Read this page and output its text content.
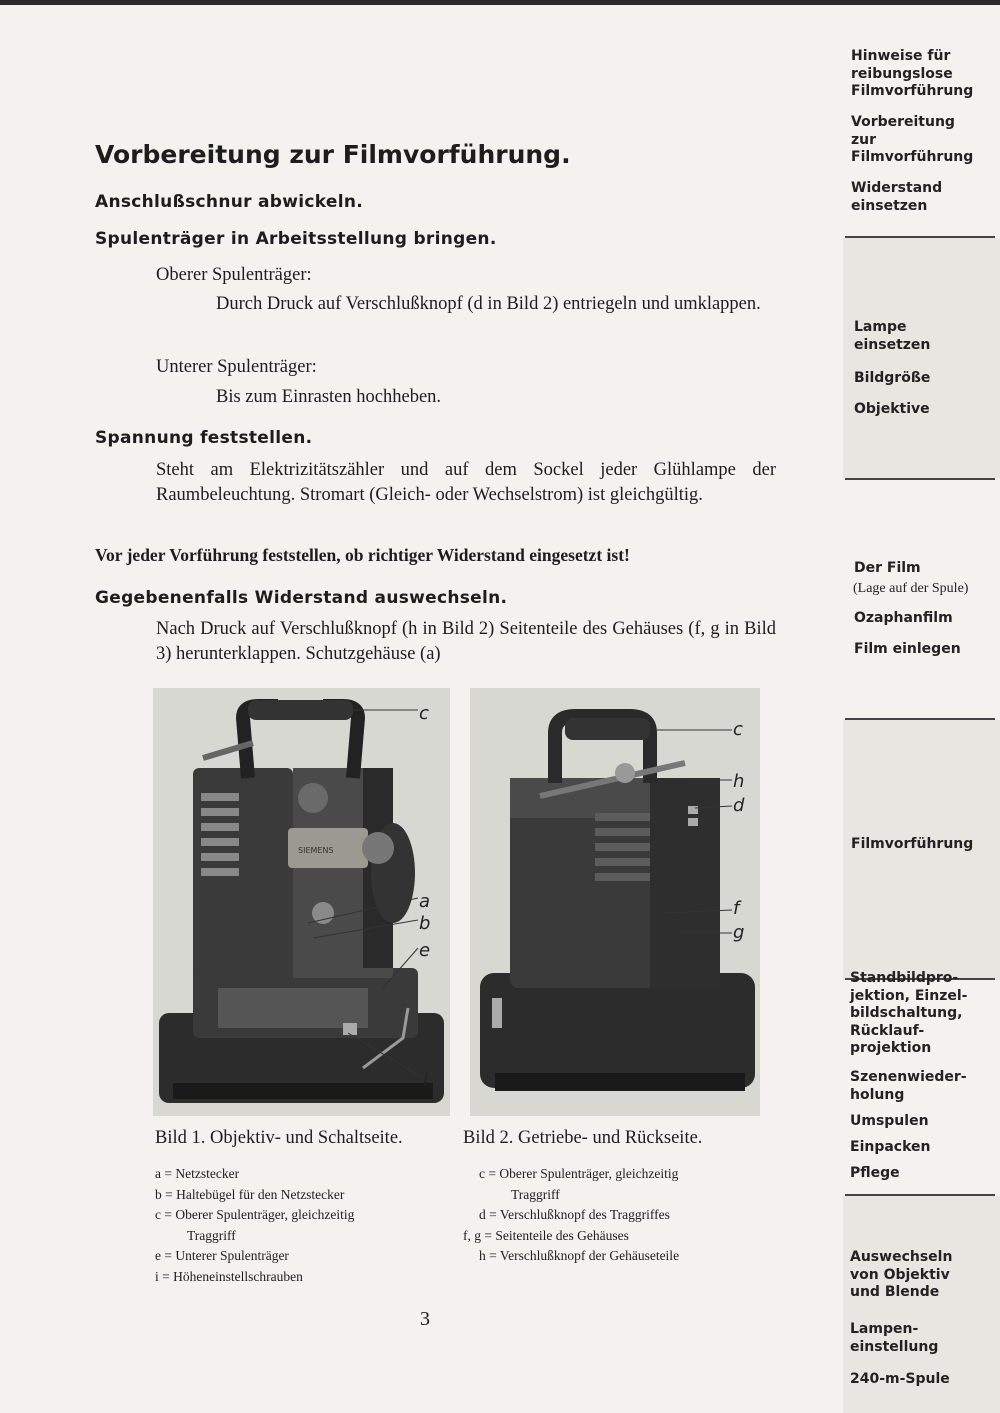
Vorbereitung zur Filmvorführung.
Anschlußschnur abwickeln.
Spulenträger in Arbeitsstellung bringen.
Oberer Spulenträger:
Durch Druck auf Verschlußknopf (d in Bild 2) entriegeln und umklappen.
Unterer Spulenträger:
Bis zum Einrasten hochheben.
Spannung feststellen.
Steht am Elektrizitätszähler und auf dem Sockel jeder Glühlampe der Raumbeleuchtung. Stromart (Gleich- oder Wechselstrom) ist gleichgültig.
Vor jeder Vorführung feststellen, ob richtiger Widerstand eingesetzt ist!
Gegebenenfalls Widerstand auswechseln.
Nach Druck auf Verschlußknopf (h in Bild 2) Seitenteile des Gehäuses (f, g in Bild 3) herunterklappen. Schutzgehäuse (a)
SIEMENS
c
a
b
e
i
c
h
d
f
g
Bild 1. Objektiv- und Schaltseite.	Bild 2. Getriebe- und Rückseite.
a = Netzstecker
b = Haltebügel für den Netzstecker
c = Oberer Spulenträger, gleichzeitig
Traggriff
e = Unterer Spulenträger
i = Höheneinstellschrauben
c = Oberer Spulenträger, gleichzeitig
Traggriff
d = Verschlußknopf des Traggriffes
f, g = Seitenteile des Gehäuses
h = Verschlußknopf der Gehäuseteile
3
Hinweise für
reibungslose
Filmvorführung
Vorbereitung
zur
Filmvorführung
Widerstand
einsetzen
Lampe
einsetzen
Bildgröße
Objektive
Der Film
(Lage auf der Spule)
Ozaphanfilm
Film einlegen
Filmvorführung
Standbildpro-
jektion, Einzel-
bildschaltung,
Rücklauf-
projektion
Szenenwieder-
holung
Umspulen
Einpacken
Pflege
Auswechseln
von Objektiv
und Blende
Lampen-
einstellung
240-m-Spule
